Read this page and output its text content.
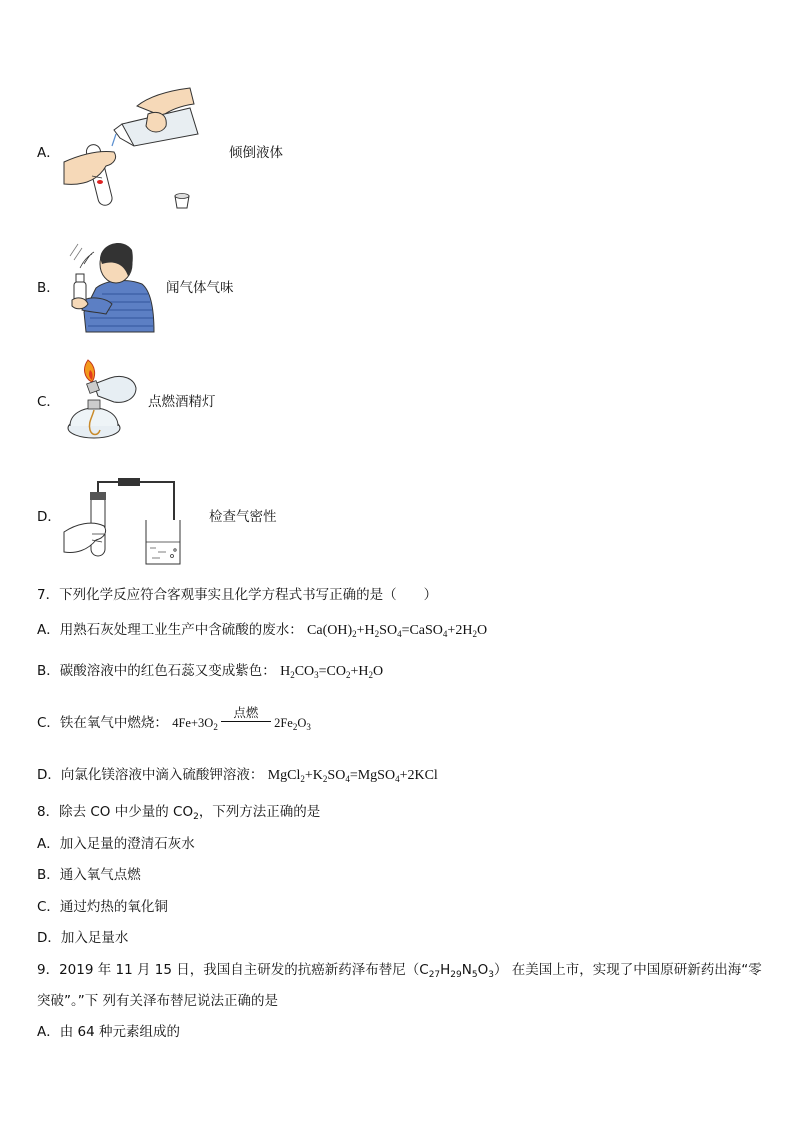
A．	倾倒液体
B．	闻气体气味
C．	点燃酒精灯
D．	检查气密性
7．下列化学反应符合客观事实且化学方程式书写正确的是（　　）
A．用熟石灰处理工业生产中含硫酸的废水： $Ca(OH)_2+H_2SO_4=CaSO_4+2H_2O$
B．碳酸溶液中的红色石蕊又变成紫色： $H_2CO_3=CO_2+H_2O$
C．铁在氧气中燃烧： $4Fe+3O_2$
点燃
$2Fe_2O_3$
D．向氯化镁溶液中滴入硫酸钾溶液： $MgCl_2+K_2SO_4=MgSO_4+2KCl$
8．除去 CO 中少量的 $CO_2$，下列方法正确的是
A．加入足量的澄清石灰水
B．通入氧气点燃
C．通过灼热的氧化铜
D．加入足量水
9．2019 年 11 月 15 日，我国自主研发的抗癌新药泽布替尼$(C_{27}H_{29}N_5O_3)$ 在美国上市，实现了中国原研新药出海“零
突破”。”下 列有关泽布替尼说法正确的是
A．由 64 种元素组成的
